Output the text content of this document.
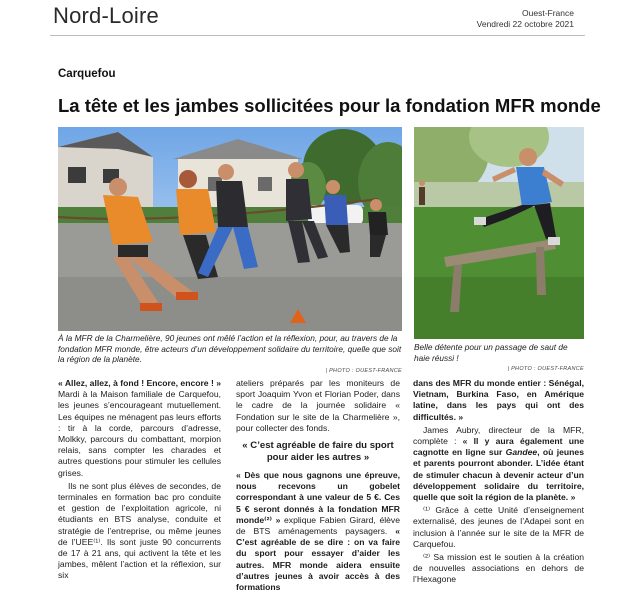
Nord-Loire	Ouest-France
Vendredi 22 octobre 2021
Carquefou
La tête et les jambes sollicitées pour la fondation MFR monde
À la MFR de la Charmelière, 90 jeunes ont mêlé l’action et la réflexion, pour, au travers de la fondation MFR monde, être acteurs d’un développement solidaire du territoire, quelle que soit la région de la planète.
| PHOTO : OUEST-FRANCE
Belle détente pour un passage de saut de haie réussi !
| PHOTO : OUEST-FRANCE

« Allez, allez, à fond ! Encore, encore ! » Mardi à la Maison familiale de Carquefou, les jeunes s’encourageant mutuellement. Les équipes ne ménagent pas leurs efforts : tir à la corde, parcours d’adresse, Molkky, parcours du combattant, morpion relais, sans compter les charades et autres questions pour stimuler les cellules grises.

Ils ne sont plus élèves de secondes, de terminales en formation bac pro conduite et gestion de l’exploitation agricole, ni étudiants en BTS analyse, conduite et stratégie de l’entreprise, ou même jeunes de l’UEE⁽¹⁾. Ils sont juste 90 concurrents de 17 à 21 ans, qui activent la tête et les jambes, mêlent l’action et la réflexion, sur six

ateliers préparés par les moniteurs de sport Joaquim Yvon et Florian Poder, dans le cadre de la journée solidaire « Fondation sur le site de la Charmelière », pour collecter des fonds.

« C’est agréable de faire du sport pour aider les autres »

« Dès que nous gagnons une épreuve, nous recevons un gobelet correspondant à une valeur de 5 €. Ces 5 € seront donnés à la fondation MFR monde⁽²⁾ » explique Fabien Girard, élève de BTS aménagements paysagers. « C’est agréable de se dire : on va faire du sport pour essayer d’aider les autres. MFR monde aidera ensuite d’autres jeunes à avoir accès à des formations

dans des MFR du monde entier : Sénégal, Vietnam, Burkina Faso, en Amérique latine, dans les pays qui ont des difficultés. »

James Aubry, directeur de la MFR, complète : « Il y aura également une cagnotte en ligne sur Gandee, où jeunes et parents pourront abonder. L’idée étant de stimuler chacun à devenir acteur d’un développement solidaire du territoire, quelle que soit la région de la planète. »

⁽¹⁾ Grâce à cette Unité d’enseignement externalisé, des jeunes de l’Adapei sont en inclusion à l’année sur le site de la MFR de Carquefou.

⁽²⁾ Sa mission est le soutien à la création de nouvelles associations en dehors de l’Hexagone
